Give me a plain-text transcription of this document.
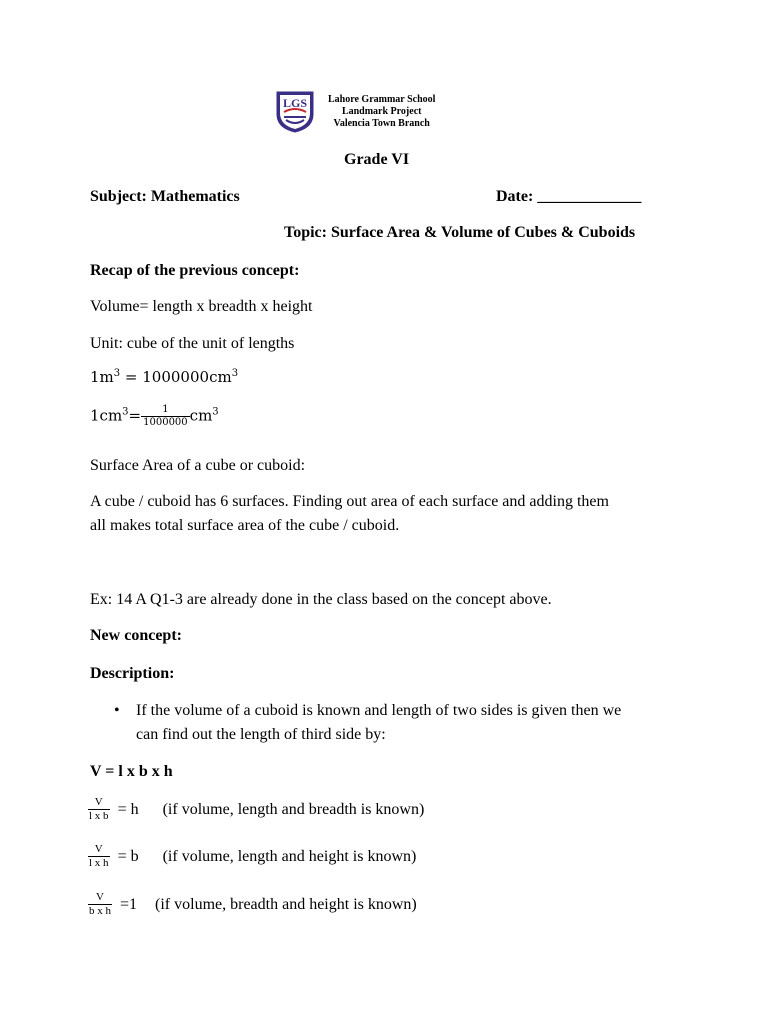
LGS Lahore Grammar School
Landmark Project
Valencia Town Branch
Grade VI
Subject: Mathematics	Date: _____________
Topic: Surface Area & Volume of Cubes & Cuboids
Recap of the previous concept:
Volume= length x breadth x height
Unit: cube of the unit of lengths
$1m^3 = 1000000cm^3$
$1cm^3= \frac{1}{1000000} cm^3$
Surface Area of a cube or cuboid:
A cube / cuboid has 6 surfaces. Finding out area of each surface and adding them
all makes total surface area of the cube / cuboid.
Ex: 14 A Q1-3 are already done in the class based on the concept above.
New concept:
Description:
• If the volume of a cuboid is known and length of two sides is given then we
can find out the length of third side by:
V = l x b x h
$\frac{V}{\text{l x b}} = h$ (if volume, length and breadth is known)
$\frac{V}{\text{l x h}} = b$ (if volume, length and height is known)
$\frac{V}{\text{b x h}} =1$ (if volume, breadth and height is known)
